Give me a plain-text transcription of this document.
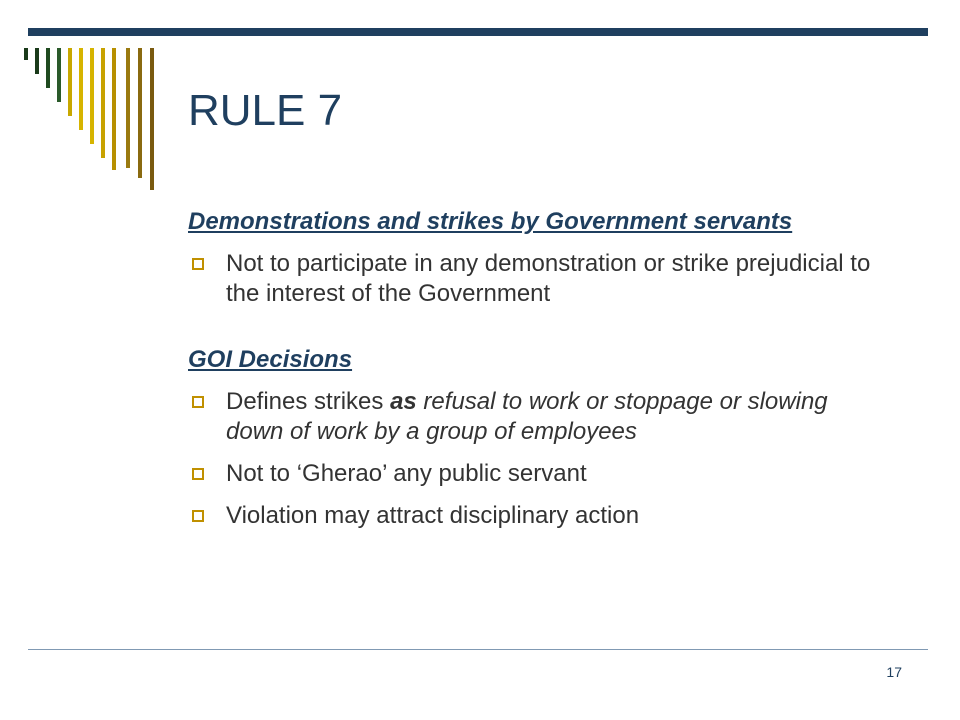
RULE 7
Demonstrations and strikes by Government servants
Not to participate in any demonstration or strike prejudicial to the interest of the Government
GOI Decisions
Defines strikes as refusal to work or stoppage or slowing down of work by a group of employees
Not to ‘Gherao’ any public servant
Violation may attract disciplinary action
17
